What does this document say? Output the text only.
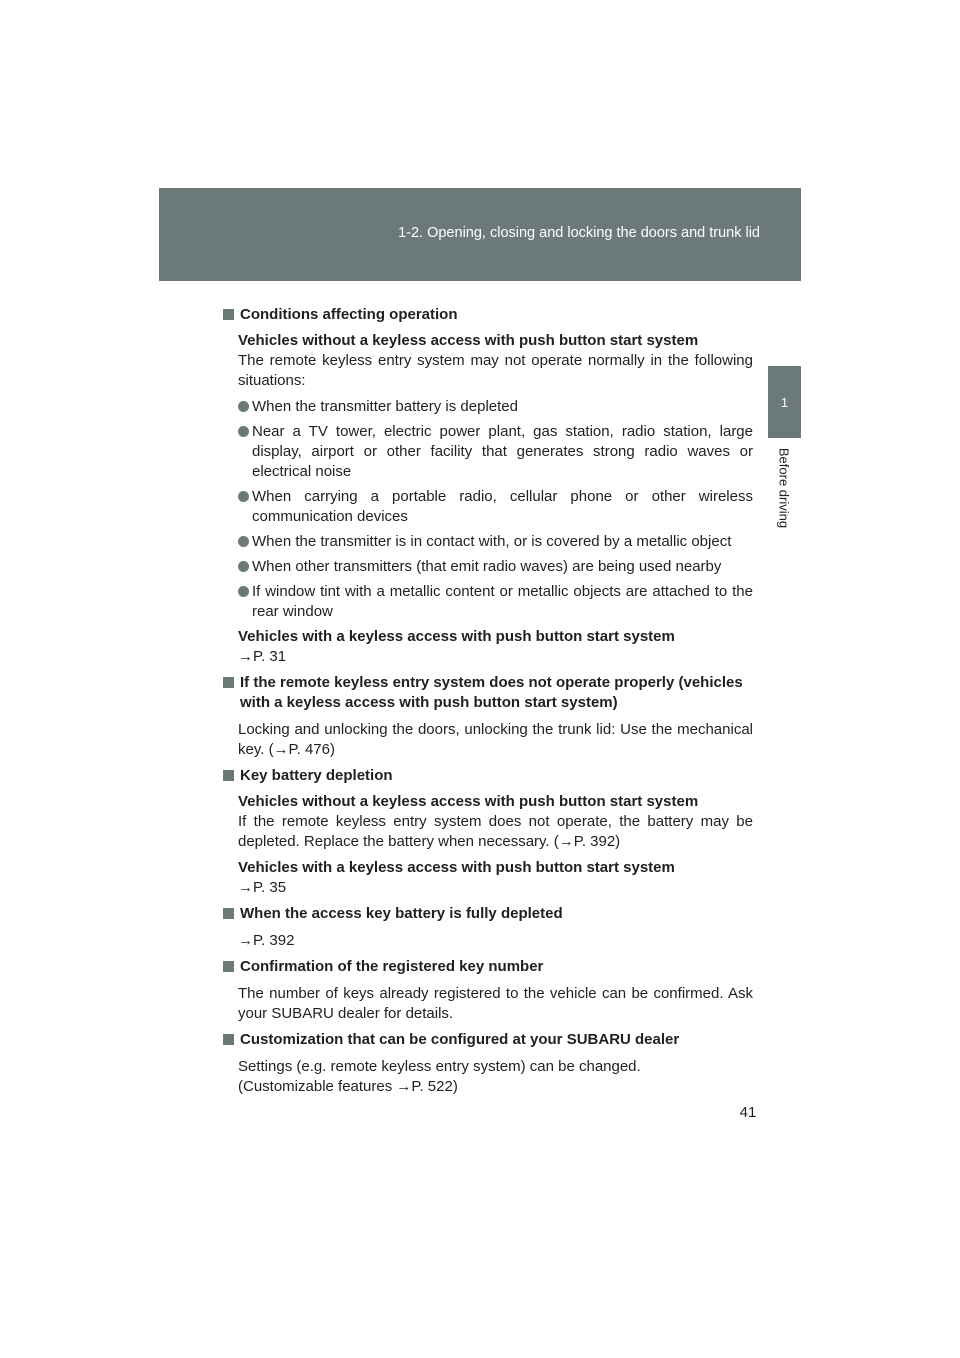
1-2. Opening, closing and locking the doors and trunk lid
1
Before driving
Conditions affecting operation
Vehicles without a keyless access with push button start system
The remote keyless entry system may not operate normally in the following situations:
When the transmitter battery is depleted
Near a TV tower, electric power plant, gas station, radio station, large display, airport or other facility that generates strong radio waves or electrical noise
When carrying a portable radio, cellular phone or other wireless communication devices
When the transmitter is in contact with, or is covered by a metallic object
When other transmitters (that emit radio waves) are being used nearby
If window tint with a metallic content or metallic objects are attached to the rear window
Vehicles with a keyless access with push button start system
→P. 31
If the remote keyless entry system does not operate properly (vehicles with a keyless access with push button start system)
Locking and unlocking the doors, unlocking the trunk lid: Use the mechanical key. (→P. 476)
Key battery depletion
Vehicles without a keyless access with push button start system
If the remote keyless entry system does not operate, the battery may be depleted. Replace the battery when necessary. (→P. 392)
Vehicles with a keyless access with push button start system
→P. 35
When the access key battery is fully depleted
→P. 392
Confirmation of the registered key number
The number of keys already registered to the vehicle can be confirmed. Ask your SUBARU dealer for details.
Customization that can be configured at your SUBARU dealer
Settings (e.g. remote keyless entry system) can be changed.
(Customizable features →P. 522)
41
